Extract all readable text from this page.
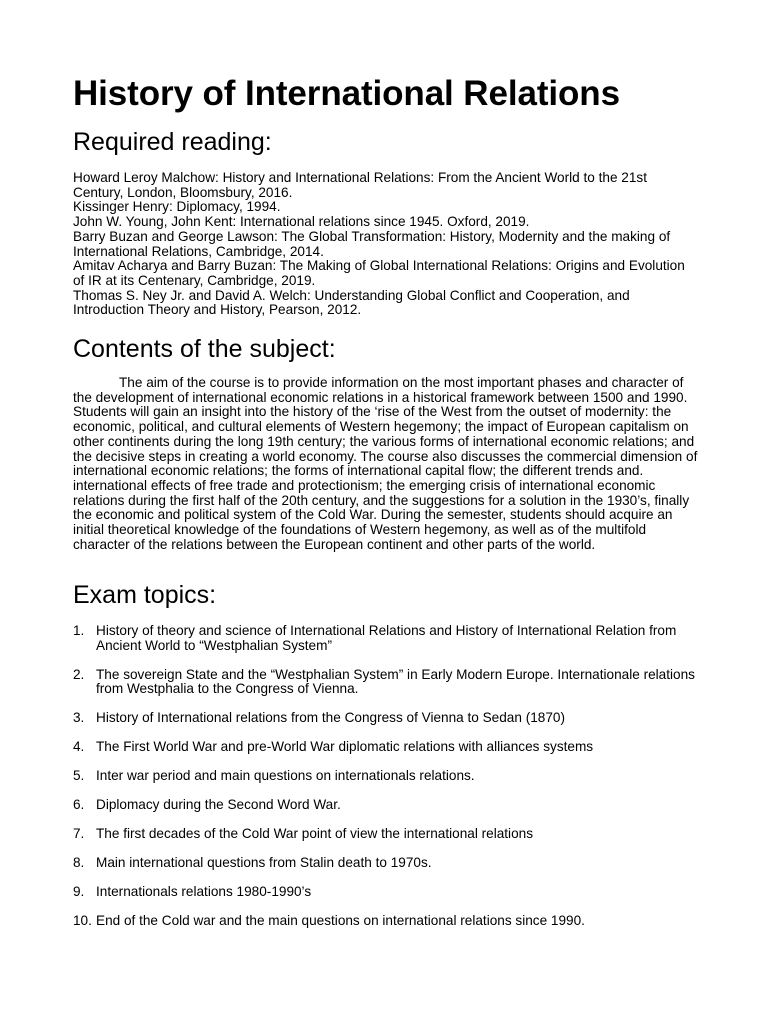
History of International Relations
Required reading:

Howard Leroy Malchow: History and International Relations: From the Ancient World to the 21st Century, London, Bloomsbury, 2016.

Kissinger Henry: Diplomacy, 1994.

John W. Young, John Kent: International relations since 1945. Oxford, 2019.

Barry Buzan and George Lawson: The Global Transformation: History, Modernity and the making of International Relations, Cambridge, 2014.

Amitav Acharya and Barry Buzan: The Making of Global International Relations: Origins and Evolution of IR at its Centenary, Cambridge, 2019.

Thomas S. Ney Jr. and David A. Welch: Understanding Global Conflict and Cooperation, and Introduction Theory and History, Pearson, 2012.

Contents of the subject:

The aim of the course is to provide information on the most important phases and character of the development of international economic relations in a historical framework between 1500 and 1990. Students will gain an insight into the history of the ‘rise of the West from the outset of modernity: the economic, political, and cultural elements of Western hegemony; the impact of European capitalism on other continents during the long 19th century; the various forms of international economic relations; and the decisive steps in creating a world economy. The course also discusses the commercial dimension of international economic relations; the forms of international capital flow; the different trends and. international effects of free trade and protectionism; the emerging crisis of international economic relations during the first half of the 20th century, and the suggestions for a solution in the 1930’s, finally the economic and political system of the Cold War. During the semester, students should acquire an initial theoretical knowledge of the foundations of Western hegemony, as well as of the multifold character of the relations between the European continent and other parts of the world.

Exam topics:
1. History of theory and science of International Relations and History of International Relation from Ancient World to “Westphalian System”
2. The sovereign State and the “Westphalian System” in Early Modern Europe. Internationale relations from Westphalia to the Congress of Vienna.
3. History of International relations from the Congress of Vienna to Sedan (1870)
4. The First World War and pre-World War diplomatic relations with alliances systems
5. Inter war period and main questions on internationals relations.
6. Diplomacy during the Second Word War.
7. The first decades of the Cold War point of view the international relations
8. Main international questions from Stalin death to 1970s.
9. Internationals relations 1980-1990’s
10. End of the Cold war and the main questions on international relations since 1990.
